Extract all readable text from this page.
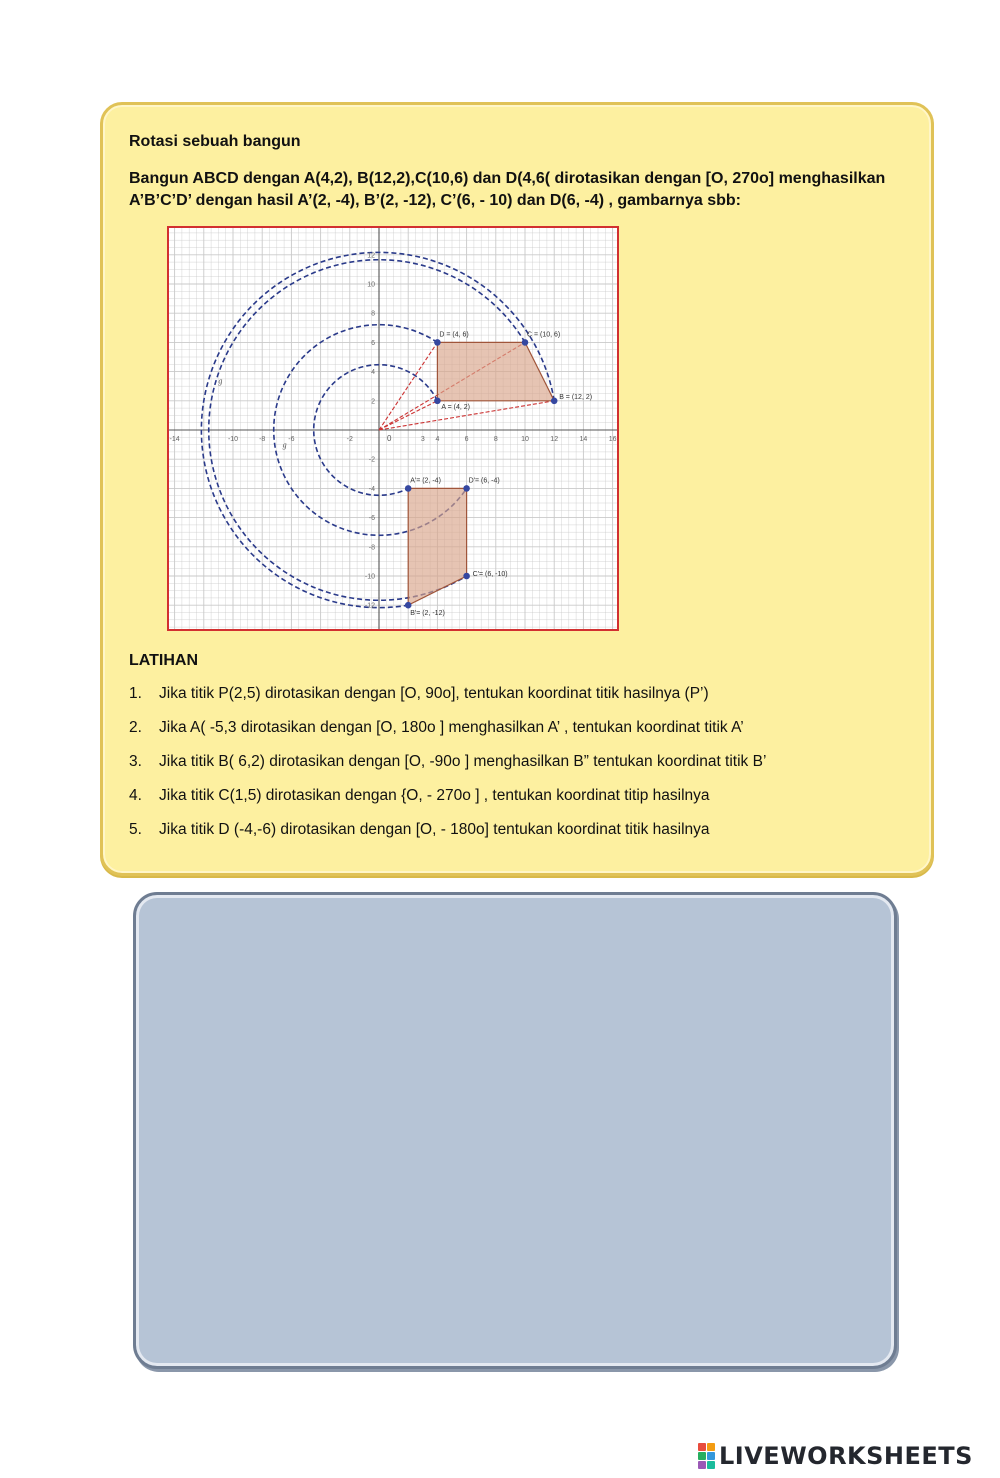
Rotasi sebuah bangun
Bangun ABCD dengan A(4,2), B(12,2),C(10,6) dan D(4,6( dirotasikan dengan [O, 270o] menghasilkan
A’B’C’D’ dengan hasil A’(2, -4), B’(2, -12), C’(6, - 10) dan D(6, -4) , gambarnya sbb:
-14	-10	-8	-6	-2	3 4	6	8	10	12	14	16
12
10
8
6
4
2
-2
-4
-6
-8
-10
-12
0
A = (4, 2)
B = (12, 2)
C = (10, 6)
D = (4, 6)
A'= (2, -4)
B'= (2, -12)
C'= (6, -10)
D'= (6, -4)
g
g
LATIHAN
1.	Jika titik P(2,5) dirotasikan dengan [O, 90o], tentukan koordinat titik hasilnya (P’)
2.	Jika A( -5,3 dirotasikan dengan [O, 180o ] menghasilkan A’ , tentukan koordinat titik A’
3.	Jika titik B( 6,2) dirotasikan dengan [O, -90o ] menghasilkan B” tentukan koordinat titik B’
4.	Jika titik C(1,5) dirotasikan dengan {O, - 270o ] , tentukan koordinat titip hasilnya
5.	Jika titik D (-4,-6) dirotasikan dengan [O, - 180o] tentukan koordinat titik hasilnya
LIVEWORKSHEETS
